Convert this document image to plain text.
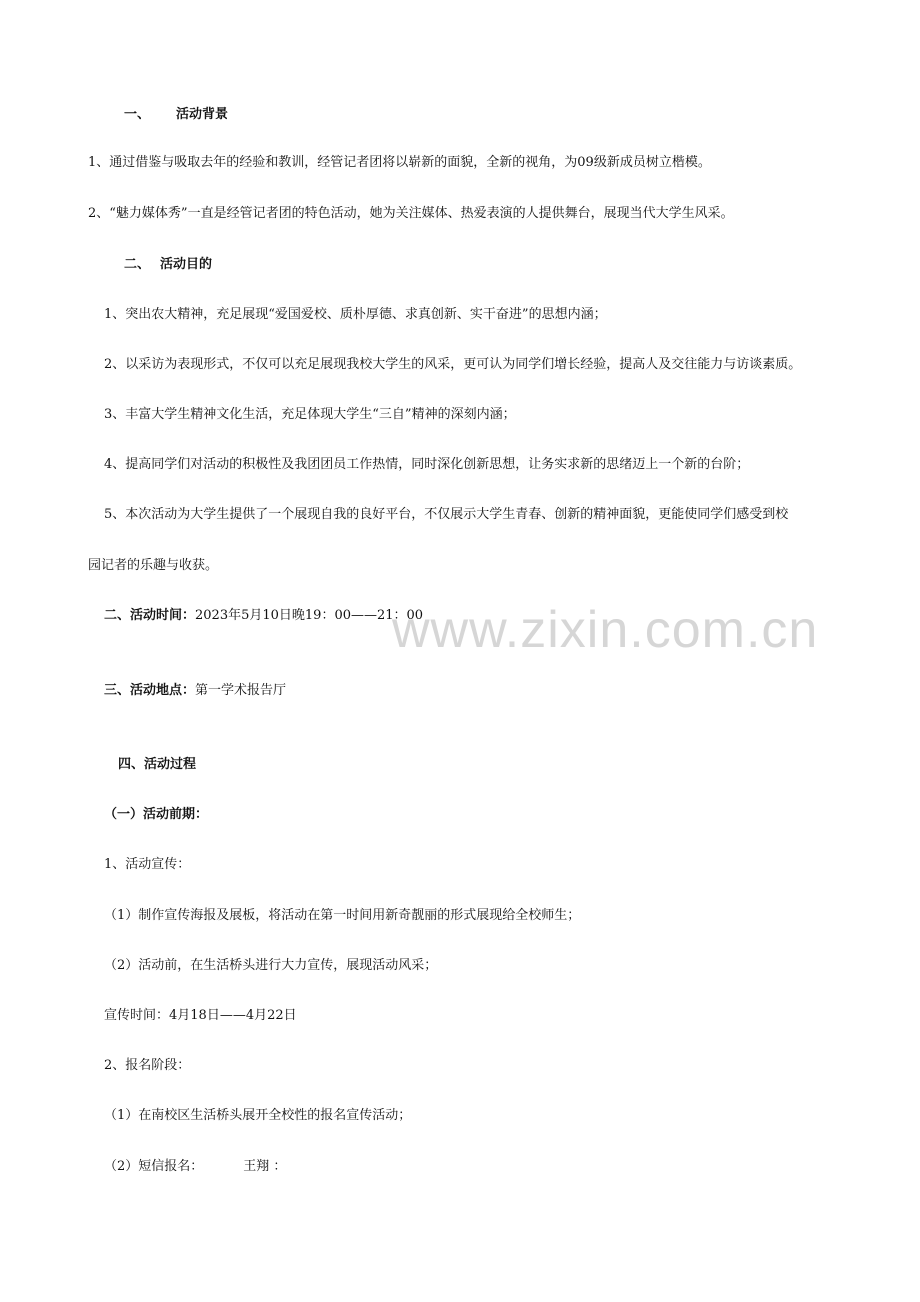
www.zixin.com.cn
一、 活动背景
1、通过借鉴与吸取去年的经验和教训，经管记者团将以崭新的面貌，全新的视角，为09级新成员树立楷模。
2、“魅力媒体秀”一直是经管记者团的特色活动，她为关注媒体、热爱表演的人提供舞台，展现当代大学生风采。
二、 活动目的
1、突出农大精神，充足展现“爱国爱校、质朴厚德、求真创新、实干奋进”的思想内涵；
2、以采访为表现形式，不仅可以充足展现我校大学生的风采，更可认为同学们增长经验，提高人及交往能力与访谈素质。
3、丰富大学生精神文化生活，充足体现大学生“三自”精神的深刻内涵；
4、提高同学们对活动的积极性及我团团员工作热情，同时深化创新思想，让务实求新的思绪迈上一个新的台阶；
5、本次活动为大学生提供了一个展现自我的良好平台，不仅展示大学生青春、创新的精神面貌，更能使同学们感受到校
园记者的乐趣与收获。
二、活动时间：2023年5月10日晚19：00——21：00
三、活动地点：第一学术报告厅
四、活动过程
（一）活动前期：
1、活动宣传：
（1）制作宣传海报及展板，将活动在第一时间用新奇靓丽的形式展现给全校师生；
（2）活动前，在生活桥头进行大力宣传，展现活动风采；
宣传时间：4月18日——4月22日
2、报名阶段：
（1）在南校区生活桥头展开全校性的报名宣传活动；
（2）短信报名：	王翔 ：
